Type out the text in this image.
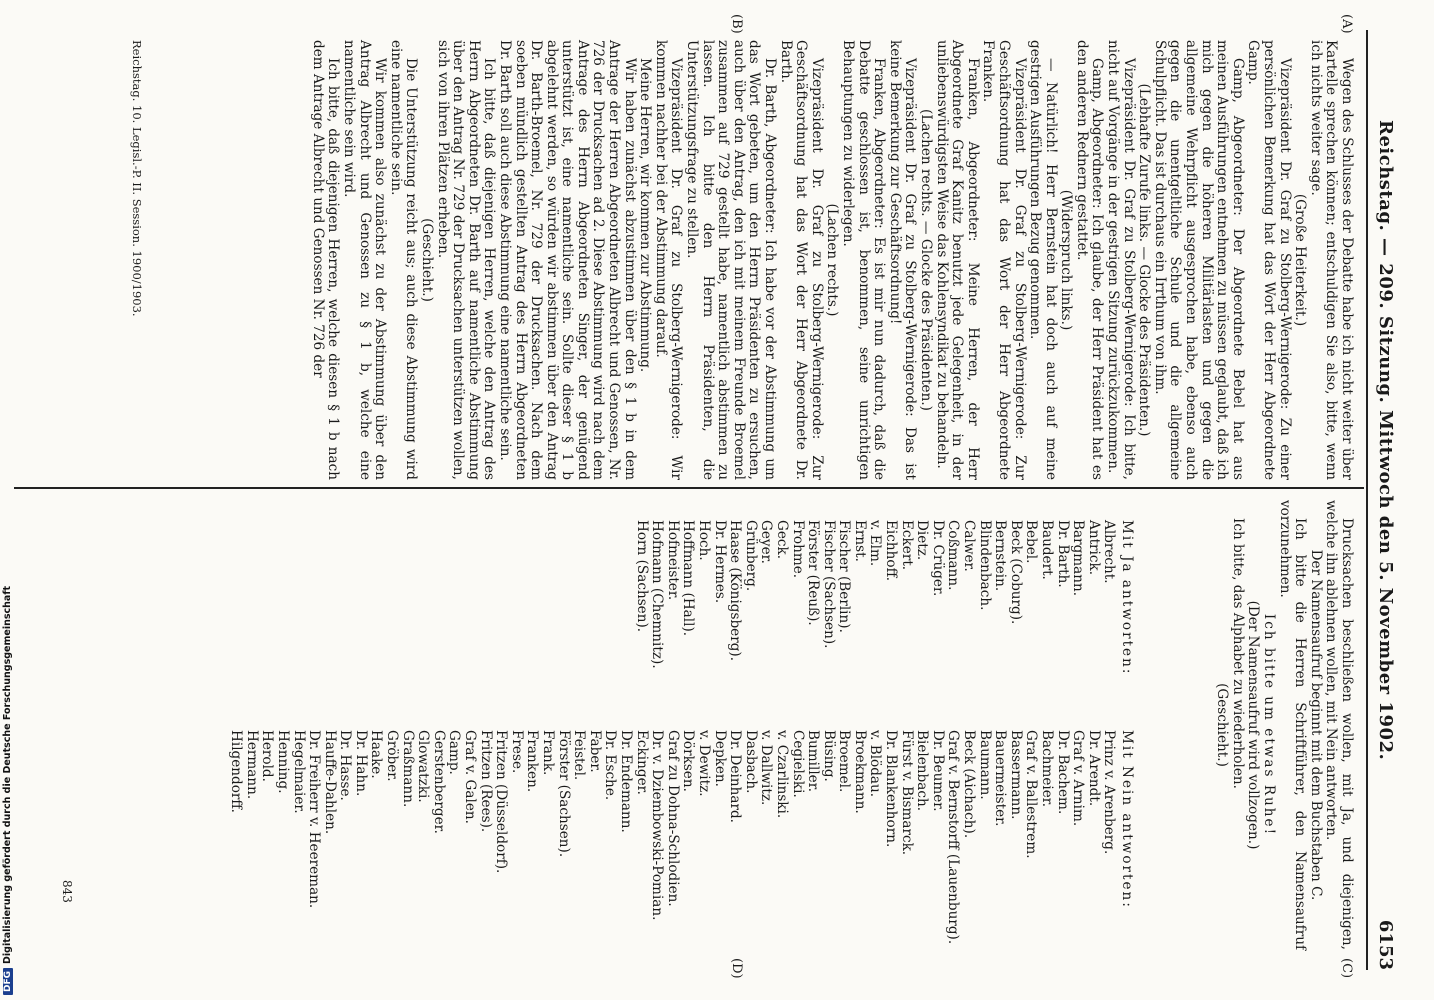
Reichstag. — 209. Sitzung. Mittwoch den 5. November 1902.
6153
(A)
(B)
(C)
(D)

Wegen des Schlusses der Debatte habe ich nicht weiter über Kartelle sprechen können; entschuldigen Sie also, bitte, wenn ich nichts weiter sage.

(Große Heiterkeit.)

Vizepräsident Dr. Graf zu Stolberg-Wernigerode: Zu einer persönlichen Bemerkung hat das Wort der Herr Abgeordnete Gamp.

Gamp, Abgeordneter: Der Abgeordnete Bebel hat aus meinen Ausführungen entnehmen zu müssen geglaubt, daß ich mich gegen die höheren Militärlasten und gegen die allgemeine Wehrpflicht ausgesprochen habe, ebenso auch gegen die unentgeltliche Schule und die allgemeine Schulpflicht. Das ist durchaus ein Irrthum von ihm.

(Lebhafte Zurufe links. — Glocke des Präsidenten.)

Vizepräsident Dr. Graf zu Stolberg-Wernigerode: Ich bitte, nicht auf Vorgänge in der gestrigen Sitzung zurückzukommen.

Gamp, Abgeordneter: Ich glaube, der Herr Präsident hat es den anderen Rednern gestattet.

(Widerspruch links.)

— Natürlich! Herr Bernstein hat doch auch auf meine gestrigen Ausführungen Bezug genommen.

Vizepräsident Dr. Graf zu Stolberg-Wernigerode: Zur Geschäftsordnung hat das Wort der Herr Abgeordnete Franken.

Franken, Abgeordneter: Meine Herren, der Herr Abgeordnete Graf Kanitz benutzt jede Gelegenheit, in der unliebenswürdigsten Weise das Kohlensyndikat zu behandeln.

(Lachen rechts. — Glocke des Präsidenten.)

Vizepräsident Dr. Graf zu Stolberg-Wernigerode: Das ist keine Bemerkung zur Geschäftsordnung!

Franken, Abgeordneter: Es ist mir nun dadurch, daß die Debatte geschlossen ist, benommen, seine unrichtigen Behauptungen zu widerlegen.

(Lachen rechts.)

Vizepräsident Dr. Graf zu Stolberg-Wernigerode: Zur Geschäftsordnung hat das Wort der Herr Abgeordnete Dr. Barth.

Dr. Barth, Abgeordneter: Ich habe vor der Abstimmung um das Wort gebeten, um den Herrn Präsidenten zu ersuchen, auch über den Antrag, den ich mit meinem Freunde Broemel zusammen auf 729 gestellt habe, namentlich abstimmen zu lassen. Ich bitte den Herrn Präsidenten, die Unterstützungsfrage zu stellen.

Vizepräsident Dr. Graf zu Stolberg-Wernigerode: Wir kommen nachher bei der Abstimmung darauf.

Meine Herren, wir kommen zur Abstimmung.

Wir haben zunächst abzustimmen über den § 1 b in dem Antrage der Herren Abgeordneten Albrecht und Genossen, Nr. 726 der Drucksachen ad 2. Diese Abstimmung wird nach dem Antrage des Herrn Abgeordneten Singer, der genügend unterstützt ist, eine namentliche sein. Sollte dieser § 1 b abgelehnt werden, so würden wir abstimmen über den Antrag Dr. Barth-Broemel, Nr. 729 der Drucksachen. Nach dem soeben mündlich gestellten Antrag des Herrn Abgeordneten Dr. Barth soll auch diese Abstimmung eine namentliche sein.

Ich bitte, daß diejenigen Herren, welche den Antrag des Herrn Abgeordneten Dr. Barth auf namentliche Abstimmung über den Antrag Nr. 729 der Drucksachen unterstützen wollen, sich von ihren Plätzen erheben.

(Geschieht.)

Die Unterstützung reicht aus; auch diese Abstimmung wird eine namentliche sein.

Wir kommen also zunächst zu der Abstimmung über den Antrag Albrecht und Genossen zu § 1 b, welche eine namentliche sein wird.

Ich bitte, daß diejenigen Herren, welche diesen § 1 b nach dem Antrage Albrecht und Genossen Nr. 726 der

Reichstag. 10. Legisl.-P. II. Session. 1900/1903.

Drucksachen beschließen wollen, mit Ja, und diejenigen, welche ihn ablehnen wollen, mit Nein antworten.

Der Namensaufruf beginnt mit dem Buchstaben C.

Ich bitte die Herren Schriftführer, den Namensaufruf vorzunehmen.

Ich bitte um etwas Ruhe!

(Der Namensaufruf wird vollzogen.)

Ich bitte, das Alphabet zu wiederholen.

(Geschieht.)

Mit Ja antworten:
Albrecht.
Antrick.
Bargmann.
Dr. Barth.
Baudert.
Bebel.
Beck (Coburg).
Bernstein.
Blindenbach.
Calwer.
Coßmann.
Dr. Crüger.
Dietz.
Eckert.
Eichhoff.
v. Elm.
Ernst.
Fischer (Berlin).
Fischer (Sachsen).
Förster (Reuß).
Frohme.
Geck.
Geyer.
Grünberg.
Haase (Königsberg).
Dr. Hermes.
Hoch.
Hoffmann (Hall).
Hofmeister.
Hofmann (Chemnitz).
Horn (Sachsen).
Mit Nein antworten:
Prinz v. Arenberg.
Dr. Arendt.
Graf v. Arnim.
Dr. Bachem.
Bachmeier.
Graf v. Ballestrem.
Bassermann.
Bauermeister.
Baumann.
Beck (Aichach).
Graf v. Bernstorff (Lauenburg).
Dr. Beumer.
Bielenbach.
Fürst v. Bismarck.
Dr. Blankenhorn.
v. Blödau.
Broekmann.
Broemel.
Büsing.
Bumiller.
Cegielski.
v. Czarlinski.
v. Dallwitz.
Dasbach.
Dr. Deinhard.
Depken.
v. Dewitz.
Dörksen.
Graf zu Dohna-Schlodien.
Dr. v. Dziembowski-Pomian.
Eckinger.
Dr. Endemann.
Dr. Esche.
Faber.
Feistel.
Förster (Sachsen).
Frank.
Franken.
Frese.
Fritzen (Düsseldorf).
Fritzen (Rees).
Graf v. Galen.
Gamp.
Gerstenberger.
Glowatzki.
Graßmann.
Gröber.
Haake.
Dr. Hahn.
Dr. Hasse.
Hauffe-Dahlen.
Dr. Freiherr v. Heereman.
Hegelmaier.
Henning.
Herold.
Hermann.
Hilgendorff.
843
DFGDigitalisierung gefördert durch die Deutsche Forschungsgemeinschaft
